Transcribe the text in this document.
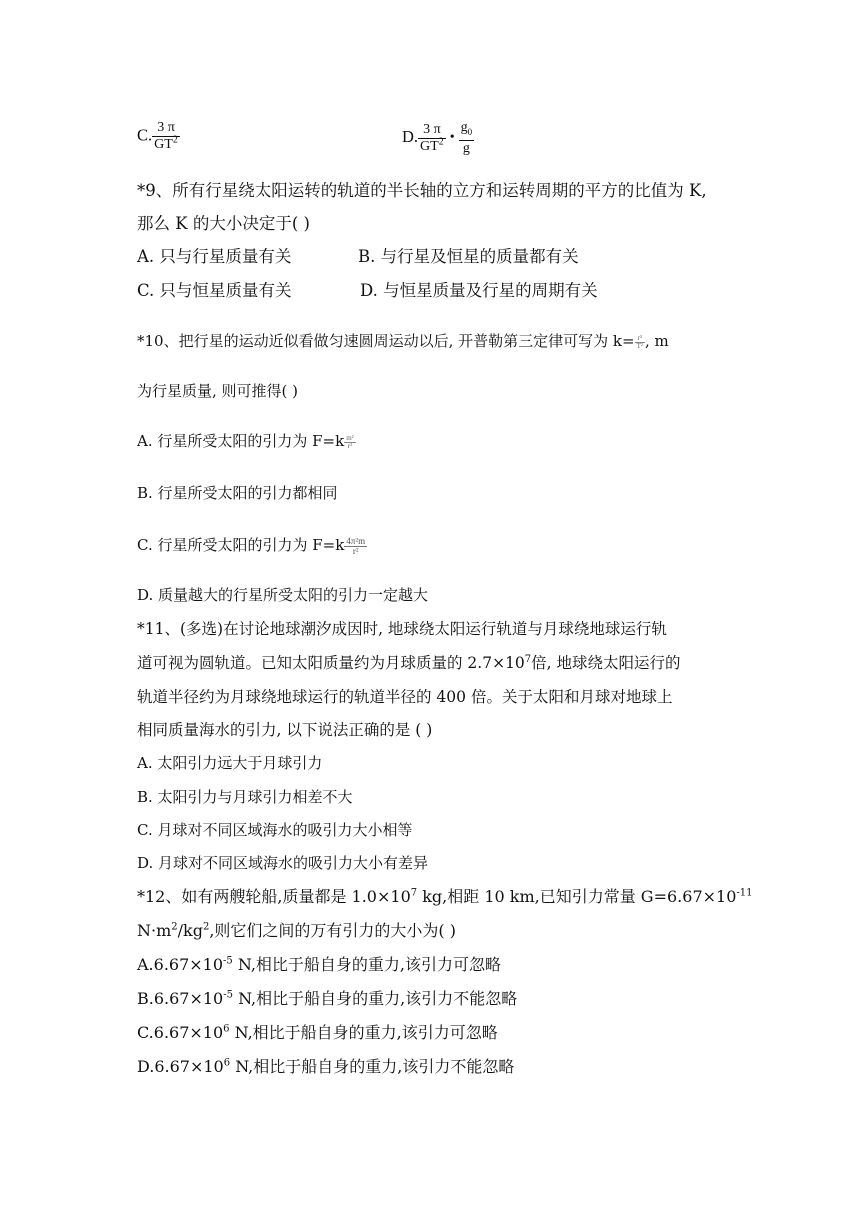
C. $\frac{3 \pi}{GT^2}$	D. $\frac{3 \pi}{GT^2}$ • $\frac{g_0}{g}$
*9、所有行星绕太阳运转的轨道的半长轴的立方和运转周期的平方的比值为 K,
那么 K 的大小决定于( )
A. 只与行星质量有关	B. 与行星及恒星的质量都有关
C. 只与恒星质量有关	D. 与恒星质量及行星的周期有关
*10、把行星的运动近似看做匀速圆周运动以后, 开普勒第三定律可写为 $k= \frac{\text{r³}}{\text{T²}}$ , m
为行星质量, 则可推得( )
A. 行星所受太阳的引力为 $F=k \frac{\text{m²}}{\text{r²}}$
B. 行星所受太阳的引力都相同
C. 行星所受太阳的引力为 $F=k \frac{\text{4π²m}}{\text{r²}}$
D. 质量越大的行星所受太阳的引力一定越大
*11、(多选)在讨论地球潮汐成因时, 地球绕太阳运行轨道与月球绕地球运行轨
道可视为圆轨道。已知太阳质量约为月球质量的 $2.7\times 10^7$倍, 地球绕太阳运行的
轨道半径约为月球绕地球运行的轨道半径的 400 倍。关于太阳和月球对地球上
相同质量海水的引力, 以下说法正确的是 ( )
A. 太阳引力远大于月球引力
B. 太阳引力与月球引力相差不大
C. 月球对不同区域海水的吸引力大小相等
D. 月球对不同区域海水的吸引力大小有差异
*12、如有两艘轮船,质量都是 $1.0\times 10^7$ kg,相距 10 km,已知引力常量 $G=6.67\times 10^{-11}$
$N\cdot m^2/kg^2$,则它们之间的万有引力的大小为( )
$A.6.67\times 10^{-5}$ N,相比于船自身的重力,该引力可忽略
$B.6.67\times 10^{-5}$ N,相比于船自身的重力,该引力不能忽略
$C.6.67\times 10^6$ N,相比于船自身的重力,该引力可忽略
$D.6.67\times 10^6$ N,相比于船自身的重力,该引力不能忽略
